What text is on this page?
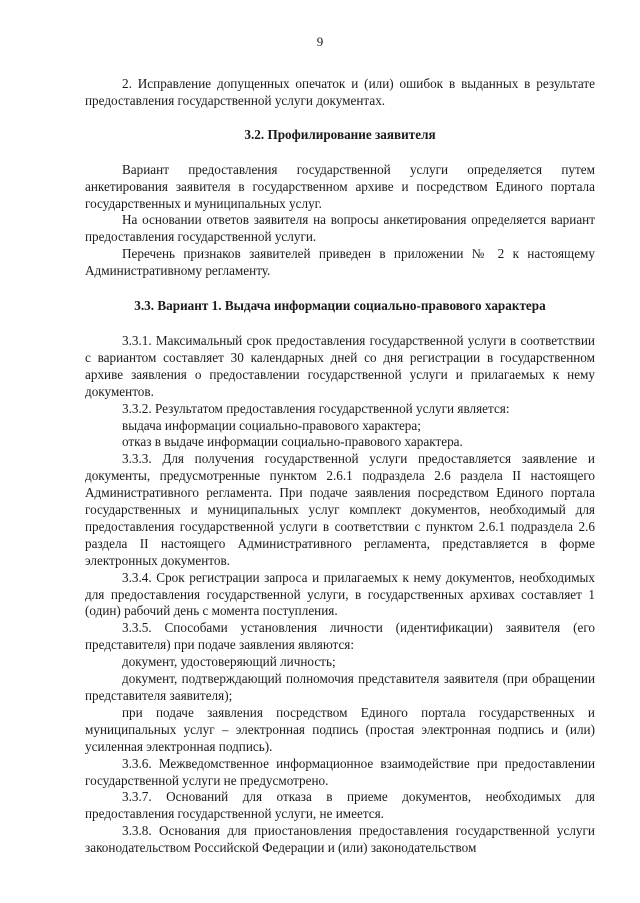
9

2. Исправление допущенных опечаток и (или) ошибок в выданных в результате предоставления государственной услуги документах.

3.2. Профилирование заявителя

Вариант предоставления государственной услуги определяется путем анкетирования заявителя в государственном архиве и посредством Единого портала государственных и муниципальных услуг.

На основании ответов заявителя на вопросы анкетирования определяется вариант предоставления государственной услуги.

Перечень признаков заявителей приведен в приложении № 2 к настоящему Административному регламенту.

3.3. Вариант 1. Выдача информации социально-правового характера

3.3.1. Максимальный срок предоставления государственной услуги в соответствии с вариантом составляет 30 календарных дней со дня регистрации в государственном архиве заявления о предоставлении государственной услуги и прилагаемых к нему документов.

3.3.2. Результатом предоставления государственной услуги является:

выдача информации социально-правового характера;

отказ в выдаче информации социально-правового характера.

3.3.3. Для получения государственной услуги предоставляется заявление и документы, предусмотренные пунктом 2.6.1 подраздела 2.6 раздела II настоящего Административного регламента. При подаче заявления посредством Единого портала государственных и муниципальных услуг комплект документов, необходимый для предоставления государственной услуги в соответствии с пунктом 2.6.1 подраздела 2.6 раздела II настоящего Административного регламента, представляется в форме электронных документов.

3.3.4. Срок регистрации запроса и прилагаемых к нему документов, необходимых для предоставления государственной услуги, в государственных архивах составляет 1 (один) рабочий день с момента поступления.

3.3.5. Способами установления личности (идентификации) заявителя (его представителя) при подаче заявления являются:

документ, удостоверяющий личность;

документ, подтверждающий полномочия представителя заявителя (при обращении представителя заявителя);

при подаче заявления посредством Единого портала государственных и муниципальных услуг – электронная подпись (простая электронная подпись и (или) усиленная электронная подпись).

3.3.6. Межведомственное информационное взаимодействие при предоставлении государственной услуги не предусмотрено.

3.3.7. Оснований для отказа в приеме документов, необходимых для предоставления государственной услуги, не имеется.

3.3.8. Основания для приостановления предоставления государственной услуги законодательством Российской Федерации и (или) законодательством
